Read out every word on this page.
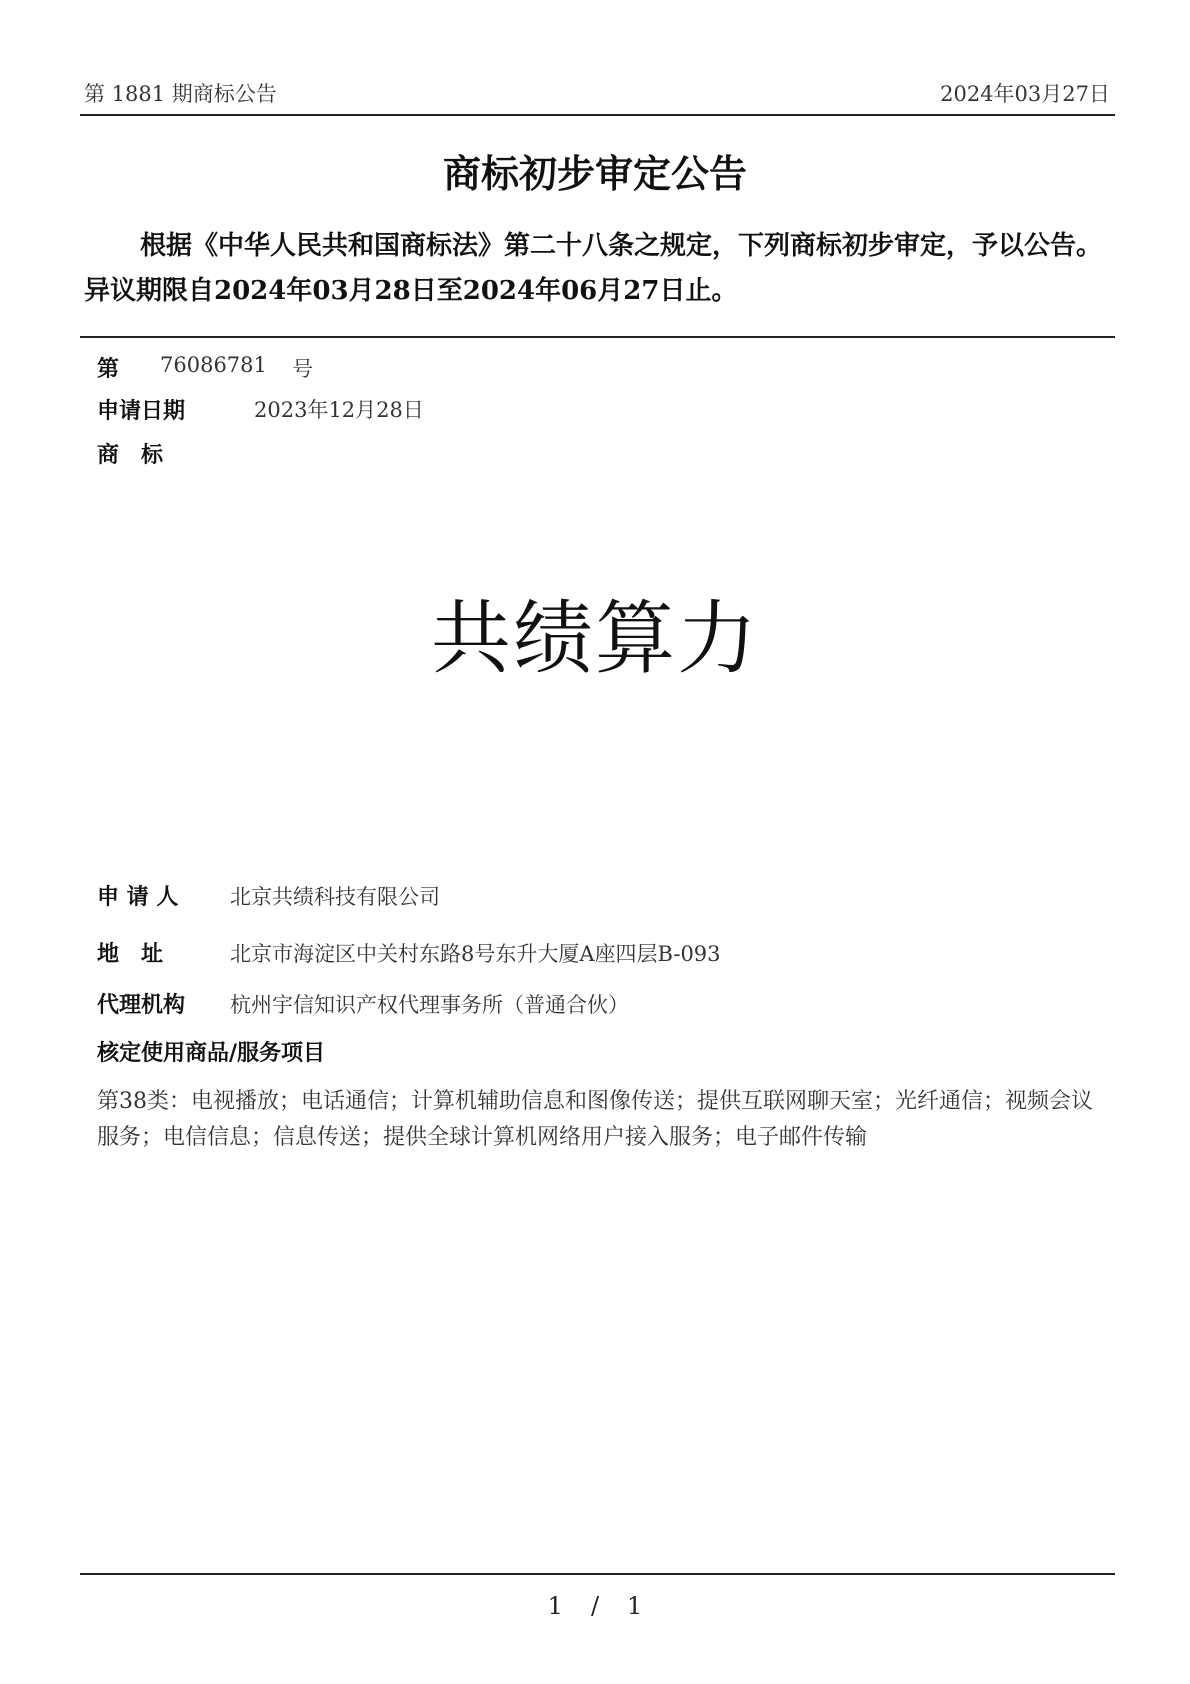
第 1881 期商标公告	2024年03月27日
商标初步审定公告
根据《中华人民共和国商标法》第二十八条之规定，下列商标初步审定，予以公告。异议期限自2024年03月28日至2024年06月27日止。
第 76086781 号
申请日期	2023年12月28日
商　标
共绩算力
申 请 人 北京共绩科技有限公司
地　址	北京市海淀区中关村东路8号东升大厦A座四层B-093
代理机构 杭州宇信知识产权代理事务所（普通合伙）
核定使用商品/服务项目
第38类：电视播放；电话通信；计算机辅助信息和图像传送；提供互联网聊天室；光纤通信；视频会议服务；电信信息；信息传送；提供全球计算机网络用户接入服务；电子邮件传输
1 / 1
